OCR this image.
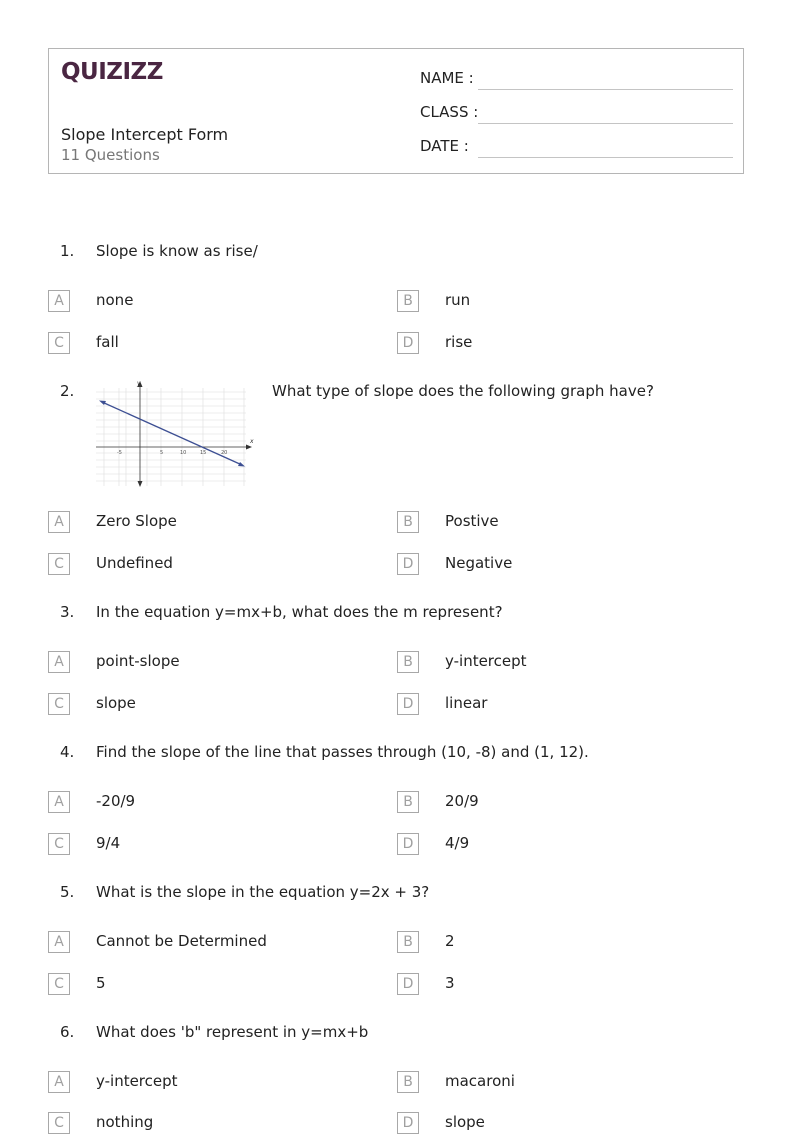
QUIZIZZ
Slope Intercept Form
11 Questions
NAME :
CLASS :
DATE :
1. Slope is know as rise/
A	none	B	run
C	fall	D	rise
2.
x
y
-5	5	10	15	20
What type of slope does the following graph have?
A	Zero Slope	B	Postive
C	Undefined	D	Negative
3. In the equation y=mx+b, what does the m represent?
A	point-slope	B	y-intercept
C	slope	D	linear
4. Find the slope of the line that passes through (10, -8) and (1, 12).
A	-20/9	B	20/9
C	9/4	D	4/9
5. What is the slope in the equation y=2x + 3?
A	Cannot be Determined	B	2
C	5	D	3
6. What does 'b" represent in y=mx+b
A	y-intercept	B	macaroni
C	nothing	D	slope
